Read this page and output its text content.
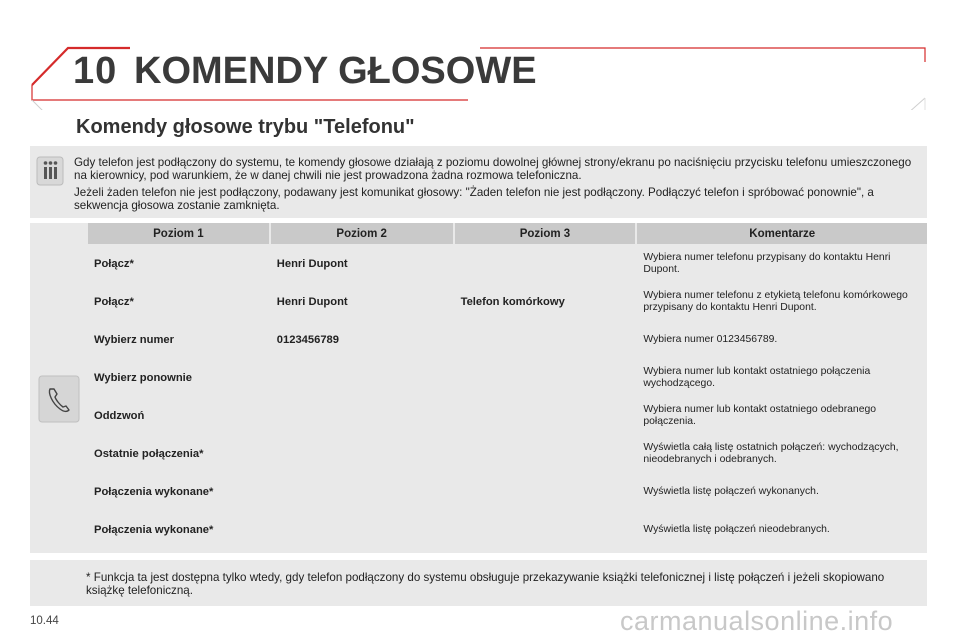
10 KOMENDY GŁOSOWE
Komendy głosowe trybu "Telefonu"

Gdy telefon jest podłączony do systemu, te komendy głosowe działają z poziomu dowolnej głównej strony/ekranu po naciśnięciu przycisku telefonu umieszczonego na kierownicy, pod warunkiem, że w danej chwili nie jest prowadzona żadna rozmowa telefoniczna.

Jeżeli żaden telefon nie jest podłączony, podawany jest komunikat głosowy: "Żaden telefon nie jest podłączony. Podłączyć telefon i spróbować ponownie", a sekwencja głosowa zostanie zamknięta.

Poziom 1	Poziom 2	Poziom 3	Komentarze
Połącz*	Henri Dupont		Wybiera numer telefonu przypisany do kontaktu Henri Dupont.
Połącz*	Henri Dupont	Telefon komórkowy	Wybiera numer telefonu z etykietą telefonu komórkowego przypisany do kontaktu Henri Dupont.
Wybierz numer	0123456789		Wybiera numer 0123456789.
Wybierz ponownie			Wybiera numer lub kontakt ostatniego połączenia wychodzącego.
Oddzwoń			Wybiera numer lub kontakt ostatniego odebranego połączenia.
Ostatnie połączenia*			Wyświetla całą listę ostatnich połączeń: wychodzących, nieodebranych i odebranych.
Połączenia wykonane*			Wyświetla listę połączeń wykonanych.
Połączenia wykonane*			Wyświetla listę połączeń nieodebranych.
* Funkcja ta jest dostępna tylko wtedy, gdy telefon podłączony do systemu obsługuje przekazywanie książki telefonicznej i listę połączeń i jeżeli skopiowano książkę telefoniczną.
10.44	carmanualsonline.info
